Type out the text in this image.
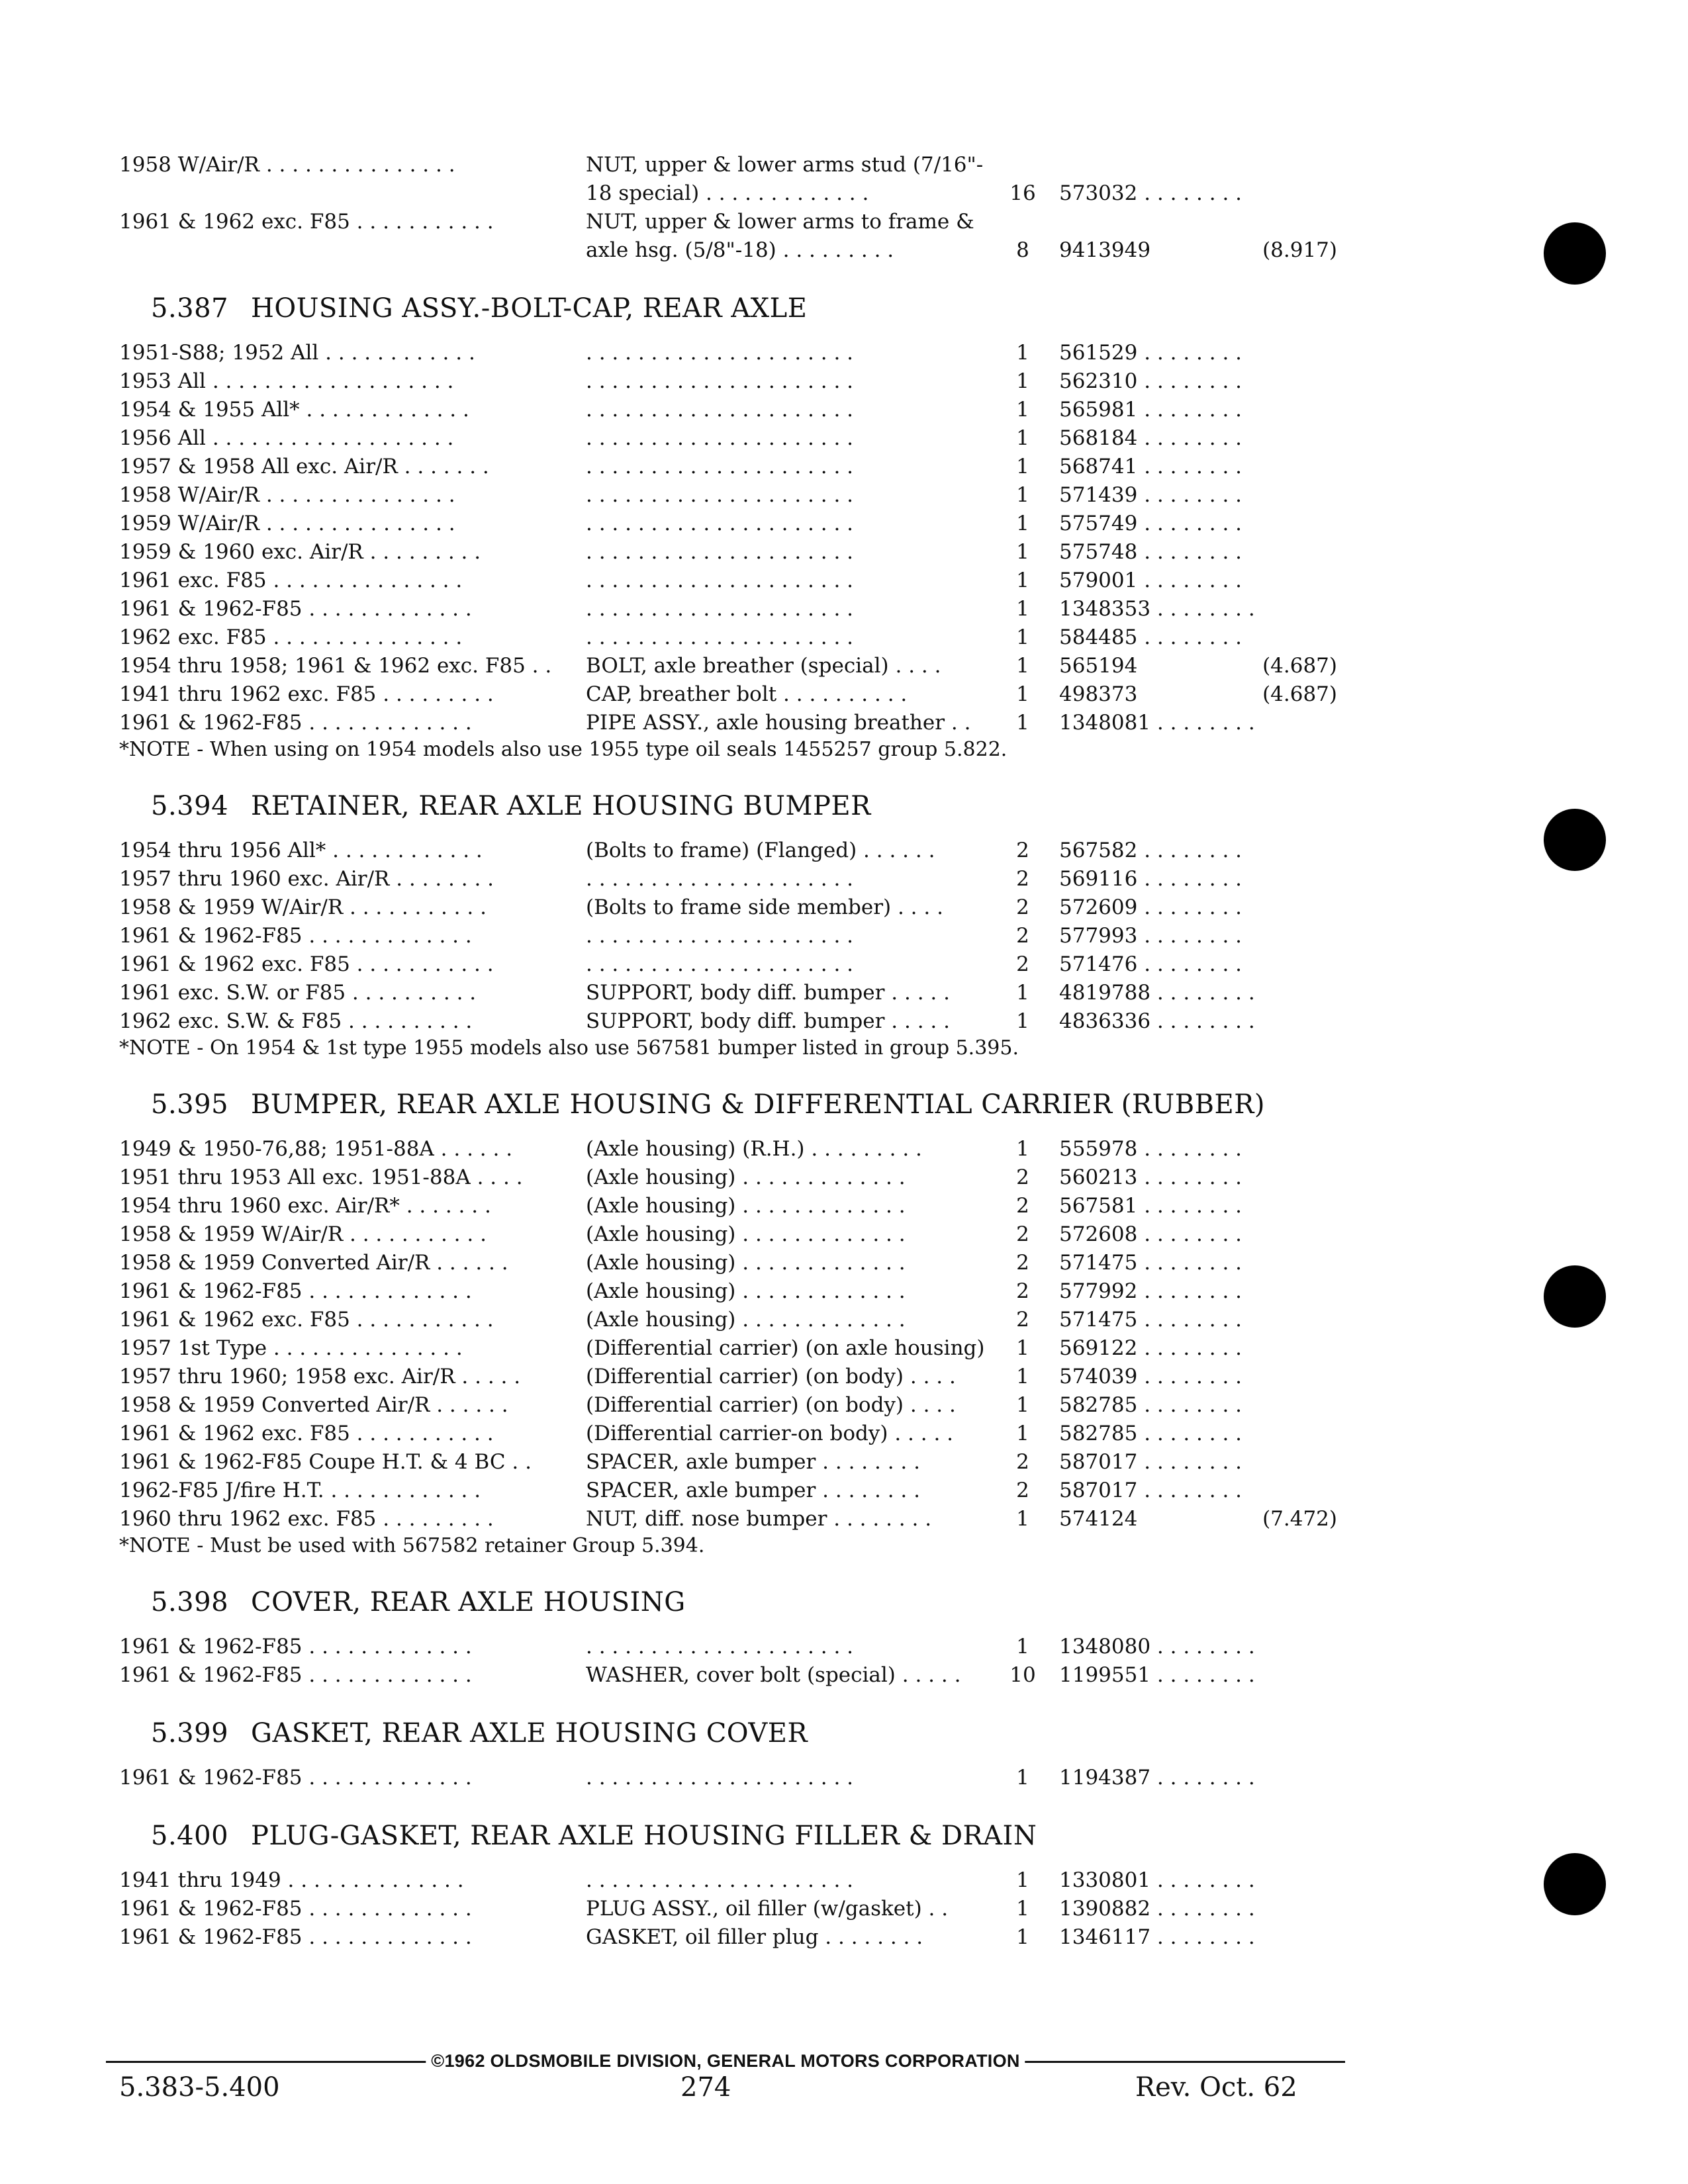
1958 W/Air/R . . . . . . . . . . . . . . .	NUT, upper & lower arms stud (7/16"-
18 special) . . . . . . . . . . . . .	16	573032 . . . . . . . .
1961 & 1962 exc. F85 . . . . . . . . . . .	NUT, upper & lower arms to frame &
axle hsg. (5/8"-18) . . . . . . . . .	8	9413949	(8.917)
5.387 HOUSING ASSY.-BOLT-CAP, REAR AXLE
1951-S88; 1952 All . . . . . . . . . . . .	. . . . . . . . . . . . . . . . . . . . .	1	561529 . . . . . . . .
1953 All . . . . . . . . . . . . . . . . . . .	. . . . . . . . . . . . . . . . . . . . .	1	562310 . . . . . . . .
1954 & 1955 All* . . . . . . . . . . . . .	. . . . . . . . . . . . . . . . . . . . .	1	565981 . . . . . . . .
1956 All . . . . . . . . . . . . . . . . . . .	. . . . . . . . . . . . . . . . . . . . .	1	568184 . . . . . . . .
1957 & 1958 All exc. Air/R . . . . . . .	. . . . . . . . . . . . . . . . . . . . .	1	568741 . . . . . . . .
1958 W/Air/R . . . . . . . . . . . . . . .	. . . . . . . . . . . . . . . . . . . . .	1	571439 . . . . . . . .
1959 W/Air/R . . . . . . . . . . . . . . .	. . . . . . . . . . . . . . . . . . . . .	1	575749 . . . . . . . .
1959 & 1960 exc. Air/R . . . . . . . . .	. . . . . . . . . . . . . . . . . . . . .	1	575748 . . . . . . . .
1961 exc. F85 . . . . . . . . . . . . . . .	. . . . . . . . . . . . . . . . . . . . .	1	579001 . . . . . . . .
1961 & 1962-F85 . . . . . . . . . . . . .	. . . . . . . . . . . . . . . . . . . . .	1	1348353 . . . . . . . .
1962 exc. F85 . . . . . . . . . . . . . . .	. . . . . . . . . . . . . . . . . . . . .	1	584485 . . . . . . . .
1954 thru 1958; 1961 & 1962 exc. F85 . .	BOLT, axle breather (special) . . . .	1	565194	(4.687)
1941 thru 1962 exc. F85 . . . . . . . . .	CAP, breather bolt . . . . . . . . . .	1	498373	(4.687)
1961 & 1962-F85 . . . . . . . . . . . . .	PIPE ASSY., axle housing breather . .	1	1348081 . . . . . . . .
*NOTE - When using on 1954 models also use 1955 type oil seals 1455257 group 5.822.
5.394 RETAINER, REAR AXLE HOUSING BUMPER
1954 thru 1956 All* . . . . . . . . . . . .	(Bolts to frame) (Flanged) . . . . . .	2	567582 . . . . . . . .
1957 thru 1960 exc. Air/R . . . . . . . .	. . . . . . . . . . . . . . . . . . . . .	2	569116 . . . . . . . .
1958 & 1959 W/Air/R . . . . . . . . . . .	(Bolts to frame side member) . . . .	2	572609 . . . . . . . .
1961 & 1962-F85 . . . . . . . . . . . . .	. . . . . . . . . . . . . . . . . . . . .	2	577993 . . . . . . . .
1961 & 1962 exc. F85 . . . . . . . . . . .	. . . . . . . . . . . . . . . . . . . . .	2	571476 . . . . . . . .
1961 exc. S.W. or F85 . . . . . . . . . .	SUPPORT, body diff. bumper . . . . .	1	4819788 . . . . . . . .
1962 exc. S.W. & F85 . . . . . . . . . .	SUPPORT, body diff. bumper . . . . .	1	4836336 . . . . . . . .
*NOTE - On 1954 & 1st type 1955 models also use 567581 bumper listed in group 5.395.
5.395 BUMPER, REAR AXLE HOUSING & DIFFERENTIAL CARRIER (RUBBER)
1949 & 1950-76,88; 1951-88A . . . . . .	(Axle housing) (R.H.) . . . . . . . . .	1	555978 . . . . . . . .
1951 thru 1953 All exc. 1951-88A . . . .	(Axle housing) . . . . . . . . . . . . .	2	560213 . . . . . . . .
1954 thru 1960 exc. Air/R* . . . . . . .	(Axle housing) . . . . . . . . . . . . .	2	567581 . . . . . . . .
1958 & 1959 W/Air/R . . . . . . . . . . .	(Axle housing) . . . . . . . . . . . . .	2	572608 . . . . . . . .
1958 & 1959 Converted Air/R . . . . . .	(Axle housing) . . . . . . . . . . . . .	2	571475 . . . . . . . .
1961 & 1962-F85 . . . . . . . . . . . . .	(Axle housing) . . . . . . . . . . . . .	2	577992 . . . . . . . .
1961 & 1962 exc. F85 . . . . . . . . . . .	(Axle housing) . . . . . . . . . . . . .	2	571475 . . . . . . . .
1957 1st Type . . . . . . . . . . . . . . .	(Differential carrier) (on axle housing)	1	569122 . . . . . . . .
1957 thru 1960; 1958 exc. Air/R . . . . .	(Differential carrier) (on body) . . . .	1	574039 . . . . . . . .
1958 & 1959 Converted Air/R . . . . . .	(Differential carrier) (on body) . . . .	1	582785 . . . . . . . .
1961 & 1962 exc. F85 . . . . . . . . . . .	(Differential carrier-on body) . . . . .	1	582785 . . . . . . . .
1961 & 1962-F85 Coupe H.T. & 4 BC . .	SPACER, axle bumper . . . . . . . .	2	587017 . . . . . . . .
1962-F85 J/fire H.T. . . . . . . . . . . . .	SPACER, axle bumper . . . . . . . .	2	587017 . . . . . . . .
1960 thru 1962 exc. F85 . . . . . . . . .	NUT, diff. nose bumper . . . . . . . .	1	574124	(7.472)
*NOTE - Must be used with 567582 retainer Group 5.394.
5.398 COVER, REAR AXLE HOUSING
1961 & 1962-F85 . . . . . . . . . . . . .	. . . . . . . . . . . . . . . . . . . . .	1	1348080 . . . . . . . .
1961 & 1962-F85 . . . . . . . . . . . . .	WASHER, cover bolt (special) . . . . .	10	1199551 . . . . . . . .
5.399 GASKET, REAR AXLE HOUSING COVER
1961 & 1962-F85 . . . . . . . . . . . . .	. . . . . . . . . . . . . . . . . . . . .	1	1194387 . . . . . . . .
5.400 PLUG-GASKET, REAR AXLE HOUSING FILLER & DRAIN
1941 thru 1949 . . . . . . . . . . . . . .	. . . . . . . . . . . . . . . . . . . . .	1	1330801 . . . . . . . .
1961 & 1962-F85 . . . . . . . . . . . . .	PLUG ASSY., oil filler (w/gasket) . .	1	1390882 . . . . . . . .
1961 & 1962-F85 . . . . . . . . . . . . .	GASKET, oil filler plug . . . . . . . .	1	1346117 . . . . . . . .
©1962 OLDSMOBILE DIVISION, GENERAL MOTORS CORPORATION
5.383-5.400	274	Rev. Oct. 62
